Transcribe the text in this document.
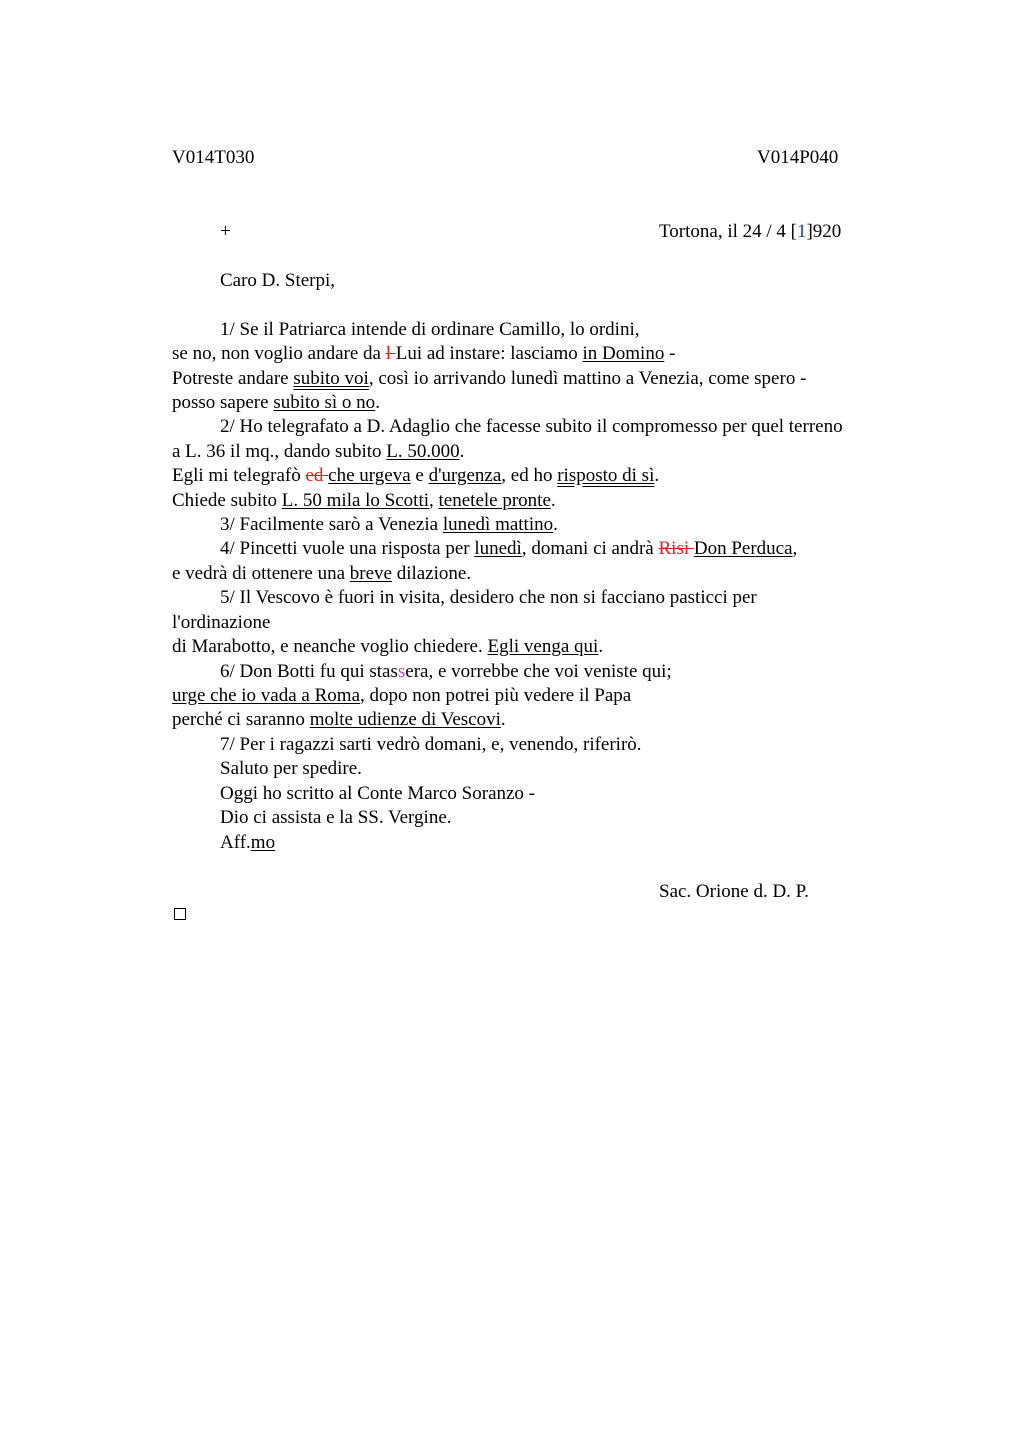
V014T030	V014P040
+	Tortona, il 24 / 4 [1]920
Caro D. Sterpi,
1/ Se il Patriarca intende di ordinare Camillo, lo ordini,
se no, non voglio andare da l Lui ad instare: lasciamo in Domino -
Potreste andare subito voi, così io arrivando lunedì mattino a Venezia, come spero -
posso sapere subito sì o no.
2/ Ho telegrafato a D. Adaglio che facesse subito il compromesso per quel terreno
a L. 36 il mq., dando subito L. 50.000.
Egli mi telegrafò ed che urgeva e d'urgenza, ed ho risposto di sì.
Chiede subito L. 50 mila lo Scotti, tenetele pronte.
3/ Facilmente sarò a Venezia lunedì mattino.
4/ Pincetti vuole una risposta per lunedì, domani ci andrà Risi Don Perduca,
e vedrà di ottenere una breve dilazione.
5/ Il Vescovo è fuori in visita, desidero che non si facciano pasticci per
l'ordinazione
di Marabotto, e neanche voglio chiedere. Egli venga qui.
6/ Don Botti fu qui stassera, e vorrebbe che voi veniste qui;
urge che io vada a Roma, dopo non potrei più vedere il Papa
perché ci saranno molte udienze di Vescovi.
7/ Per i ragazzi sarti vedrò domani, e, venendo, riferirò.
Saluto per spedire.
Oggi ho scritto al Conte Marco Soranzo -
Dio ci assista e la SS. Vergine.
Aff.mo
Sac. Orione d. D. P.
